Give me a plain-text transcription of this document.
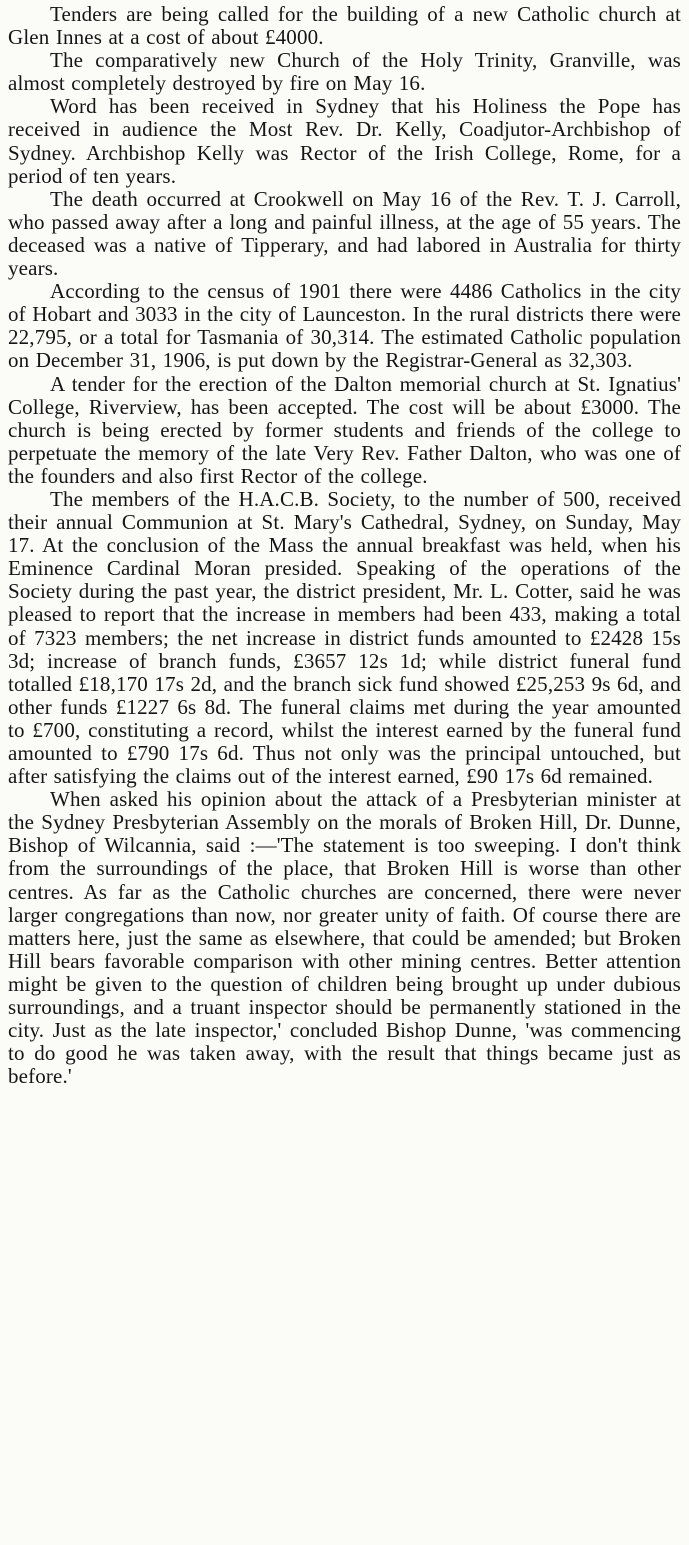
Tenders are being called for the building of a new Catholic church at Glen Innes at a cost of about £4000.

The comparatively new Church of the Holy Trinity, Granville, was almost completely destroyed by fire on May 16.

Word has been received in Sydney that his Holiness the Pope has received in audience the Most Rev. Dr. Kelly, Coadjutor-Archbishop of Sydney. Archbishop Kelly was Rector of the Irish College, Rome, for a period of ten years.

The death occurred at Crookwell on May 16 of the Rev. T. J. Carroll, who passed away after a long and painful illness, at the age of 55 years. The deceased was a native of Tipperary, and had labored in Australia for thirty years.

According to the census of 1901 there were 4486 Catholics in the city of Hobart and 3033 in the city of Launceston. In the rural districts there were 22,795, or a total for Tasmania of 30,314. The estimated Catholic population on December 31, 1906, is put down by the Registrar-General as 32,303.

A tender for the erection of the Dalton memorial church at St. Ignatius' College, Riverview, has been accepted. The cost will be about £3000. The church is being erected by former students and friends of the college to perpetuate the memory of the late Very Rev. Father Dalton, who was one of the founders and also first Rector of the college.

The members of the H.A.C.B. Society, to the number of 500, received their annual Communion at St. Mary's Cathedral, Sydney, on Sunday, May 17. At the conclusion of the Mass the annual breakfast was held, when his Eminence Cardinal Moran presided. Speaking of the operations of the Society during the past year, the district president, Mr. L. Cotter, said he was pleased to report that the increase in members had been 433, making a total of 7323 members; the net increase in district funds amounted to £2428 15s 3d; increase of branch funds, £3657 12s 1d; while district funeral fund totalled £18,170 17s 2d, and the branch sick fund showed £25,253 9s 6d, and other funds £1227 6s 8d. The funeral claims met during the year amounted to £700, constituting a record, whilst the interest earned by the funeral fund amounted to £790 17s 6d. Thus not only was the principal untouched, but after satisfying the claims out of the interest earned, £90 17s 6d remained.

When asked his opinion about the attack of a Presbyterian minister at the Sydney Presbyterian Assembly on the morals of Broken Hill, Dr. Dunne, Bishop of Wilcannia, said :—'The statement is too sweeping. I don't think from the surroundings of the place, that Broken Hill is worse than other centres. As far as the Catholic churches are concerned, there were never larger congregations than now, nor greater unity of faith. Of course there are matters here, just the same as elsewhere, that could be amended; but Broken Hill bears favorable comparison with other mining centres. Better attention might be given to the question of children being brought up under dubious surroundings, and a truant inspector should be permanently stationed in the city. Just as the late inspector,' concluded Bishop Dunne, 'was commencing to do good he was taken away, with the result that things became just as before.'
